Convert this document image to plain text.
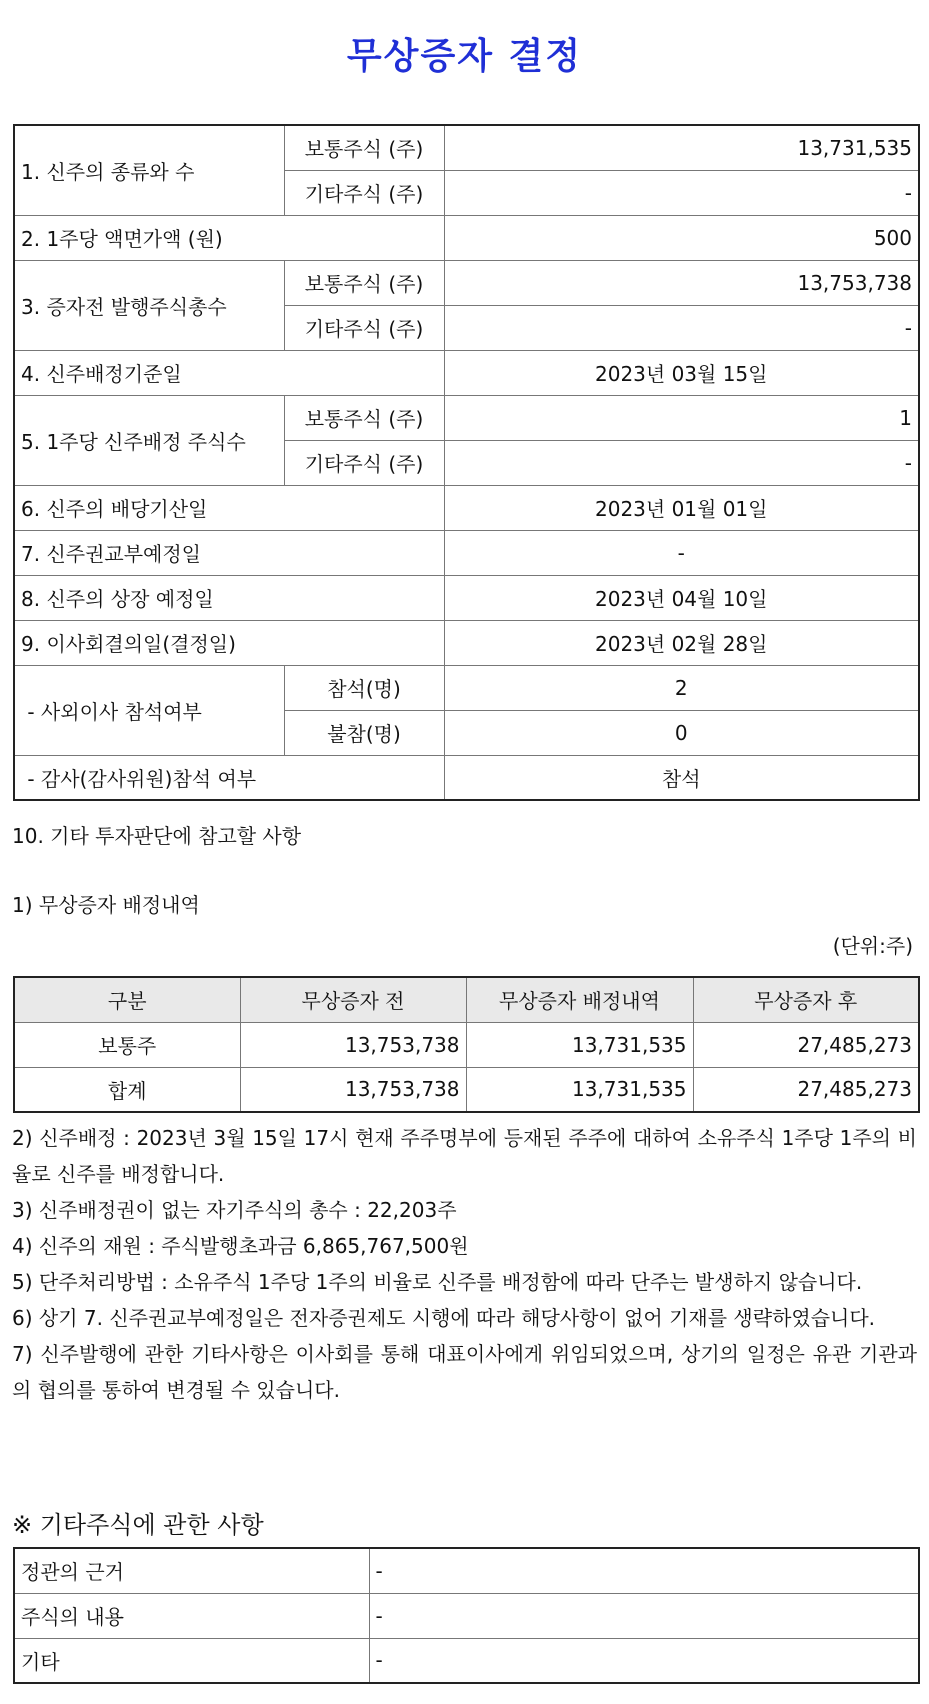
무상증자 결정
1. 신주의 종류와 수	보통주식 (주)	13,731,535
	기타주식 (주)	-
2. 1주당 액면가액 (원)		500
3. 증자전 발행주식총수	보통주식 (주)	13,753,738
	기타주식 (주)	-
4. 신주배정기준일		2023년 03월 15일
5. 1주당 신주배정 주식수	보통주식 (주)	1
	기타주식 (주)	-
6. 신주의 배당기산일		2023년 01월 01일
7. 신주권교부예정일		-
8. 신주의 상장 예정일		2023년 04월 10일
9. 이사회결의일(결정일)		2023년 02월 28일
- 사외이사 참석여부	참석(명)	2
	불참(명)	0
- 감사(감사위원)참석 여부		참석
10. 기타 투자판단에 참고할 사항
1) 무상증자 배정내역
(단위:주)
구분	무상증자 전	무상증자 배정내역	무상증자 후
보통주	13,753,738	13,731,535	27,485,273
합계	13,753,738	13,731,535	27,485,273
2) 신주배정 : 2023년 3월 15일 17시 현재 주주명부에 등재된 주주에 대하여 소유주식 1주당 1주의 비율로 신주를 배정합니다.
3) 신주배정권이 없는 자기주식의 총수 : 22,203주
4) 신주의 재원 : 주식발행초과금 6,865,767,500원
5) 단주처리방법 : 소유주식 1주당 1주의 비율로 신주를 배정함에 따라 단주는 발생하지 않습니다.
6) 상기 7. 신주권교부예정일은 전자증권제도 시행에 따라 해당사항이 없어 기재를 생략하였습니다.
7) 신주발행에 관한 기타사항은 이사회를 통해 대표이사에게 위임되었으며, 상기의 일정은 유관 기관과의 협의를 통하여 변경될 수 있습니다.
※ 기타주식에 관한 사항
정관의 근거	-
주식의 내용	-
기타	-
